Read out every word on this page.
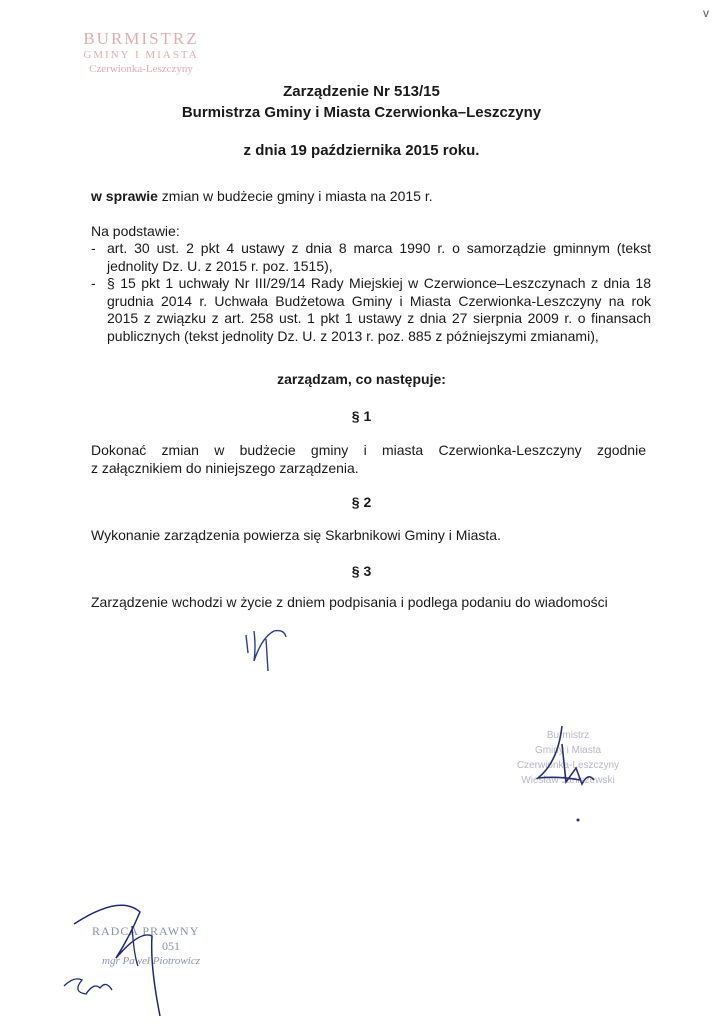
v
BURMISTRZ
GMINY I MIASTA
Czerwionka-Leszczyny
Zarządzenie Nr 513/15
Burmistrza Gminy i Miasta Czerwionka–Leszczyny
z dnia 19 października 2015 roku.
w sprawie zmian w budżecie gminy i miasta na 2015 r.
Na podstawie:
- art. 30 ust. 2 pkt 4 ustawy z dnia 8 marca 1990 r. o samorządzie gminnym (tekst jednolity Dz. U. z 2015 r. poz. 1515),
- § 15 pkt 1 uchwały Nr III/29/14 Rady Miejskiej w Czerwionce–Leszczynach z dnia 18 grudnia 2014 r. Uchwała Budżetowa Gminy i Miasta Czerwionka-Leszczyny na rok 2015 z związku z art. 258 ust. 1 pkt 1 ustawy z dnia 27 sierpnia 2009 r. o finansach publicznych (tekst jednolity Dz. U. z 2013 r. poz. 885 z późniejszymi zmianami),
zarządzam, co następuje:
§ 1
Dokonać zmian w budżecie gminy i miasta Czerwionka-Leszczyny zgodnie
z załącznikiem do niniejszego zarządzenia.
§ 2
Wykonanie zarządzenia powierza się Skarbnikowi Gminy i Miasta.
§ 3
Zarządzenie wchodzi w życie z dniem podpisania i podlega podaniu do wiadomości
Burmistrz
Gminy i Miasta
Czerwionka-Leszczyny
Wiesław Janiszewski
RADCA PRAWNY
051
mgr Paweł Piotrowicz
